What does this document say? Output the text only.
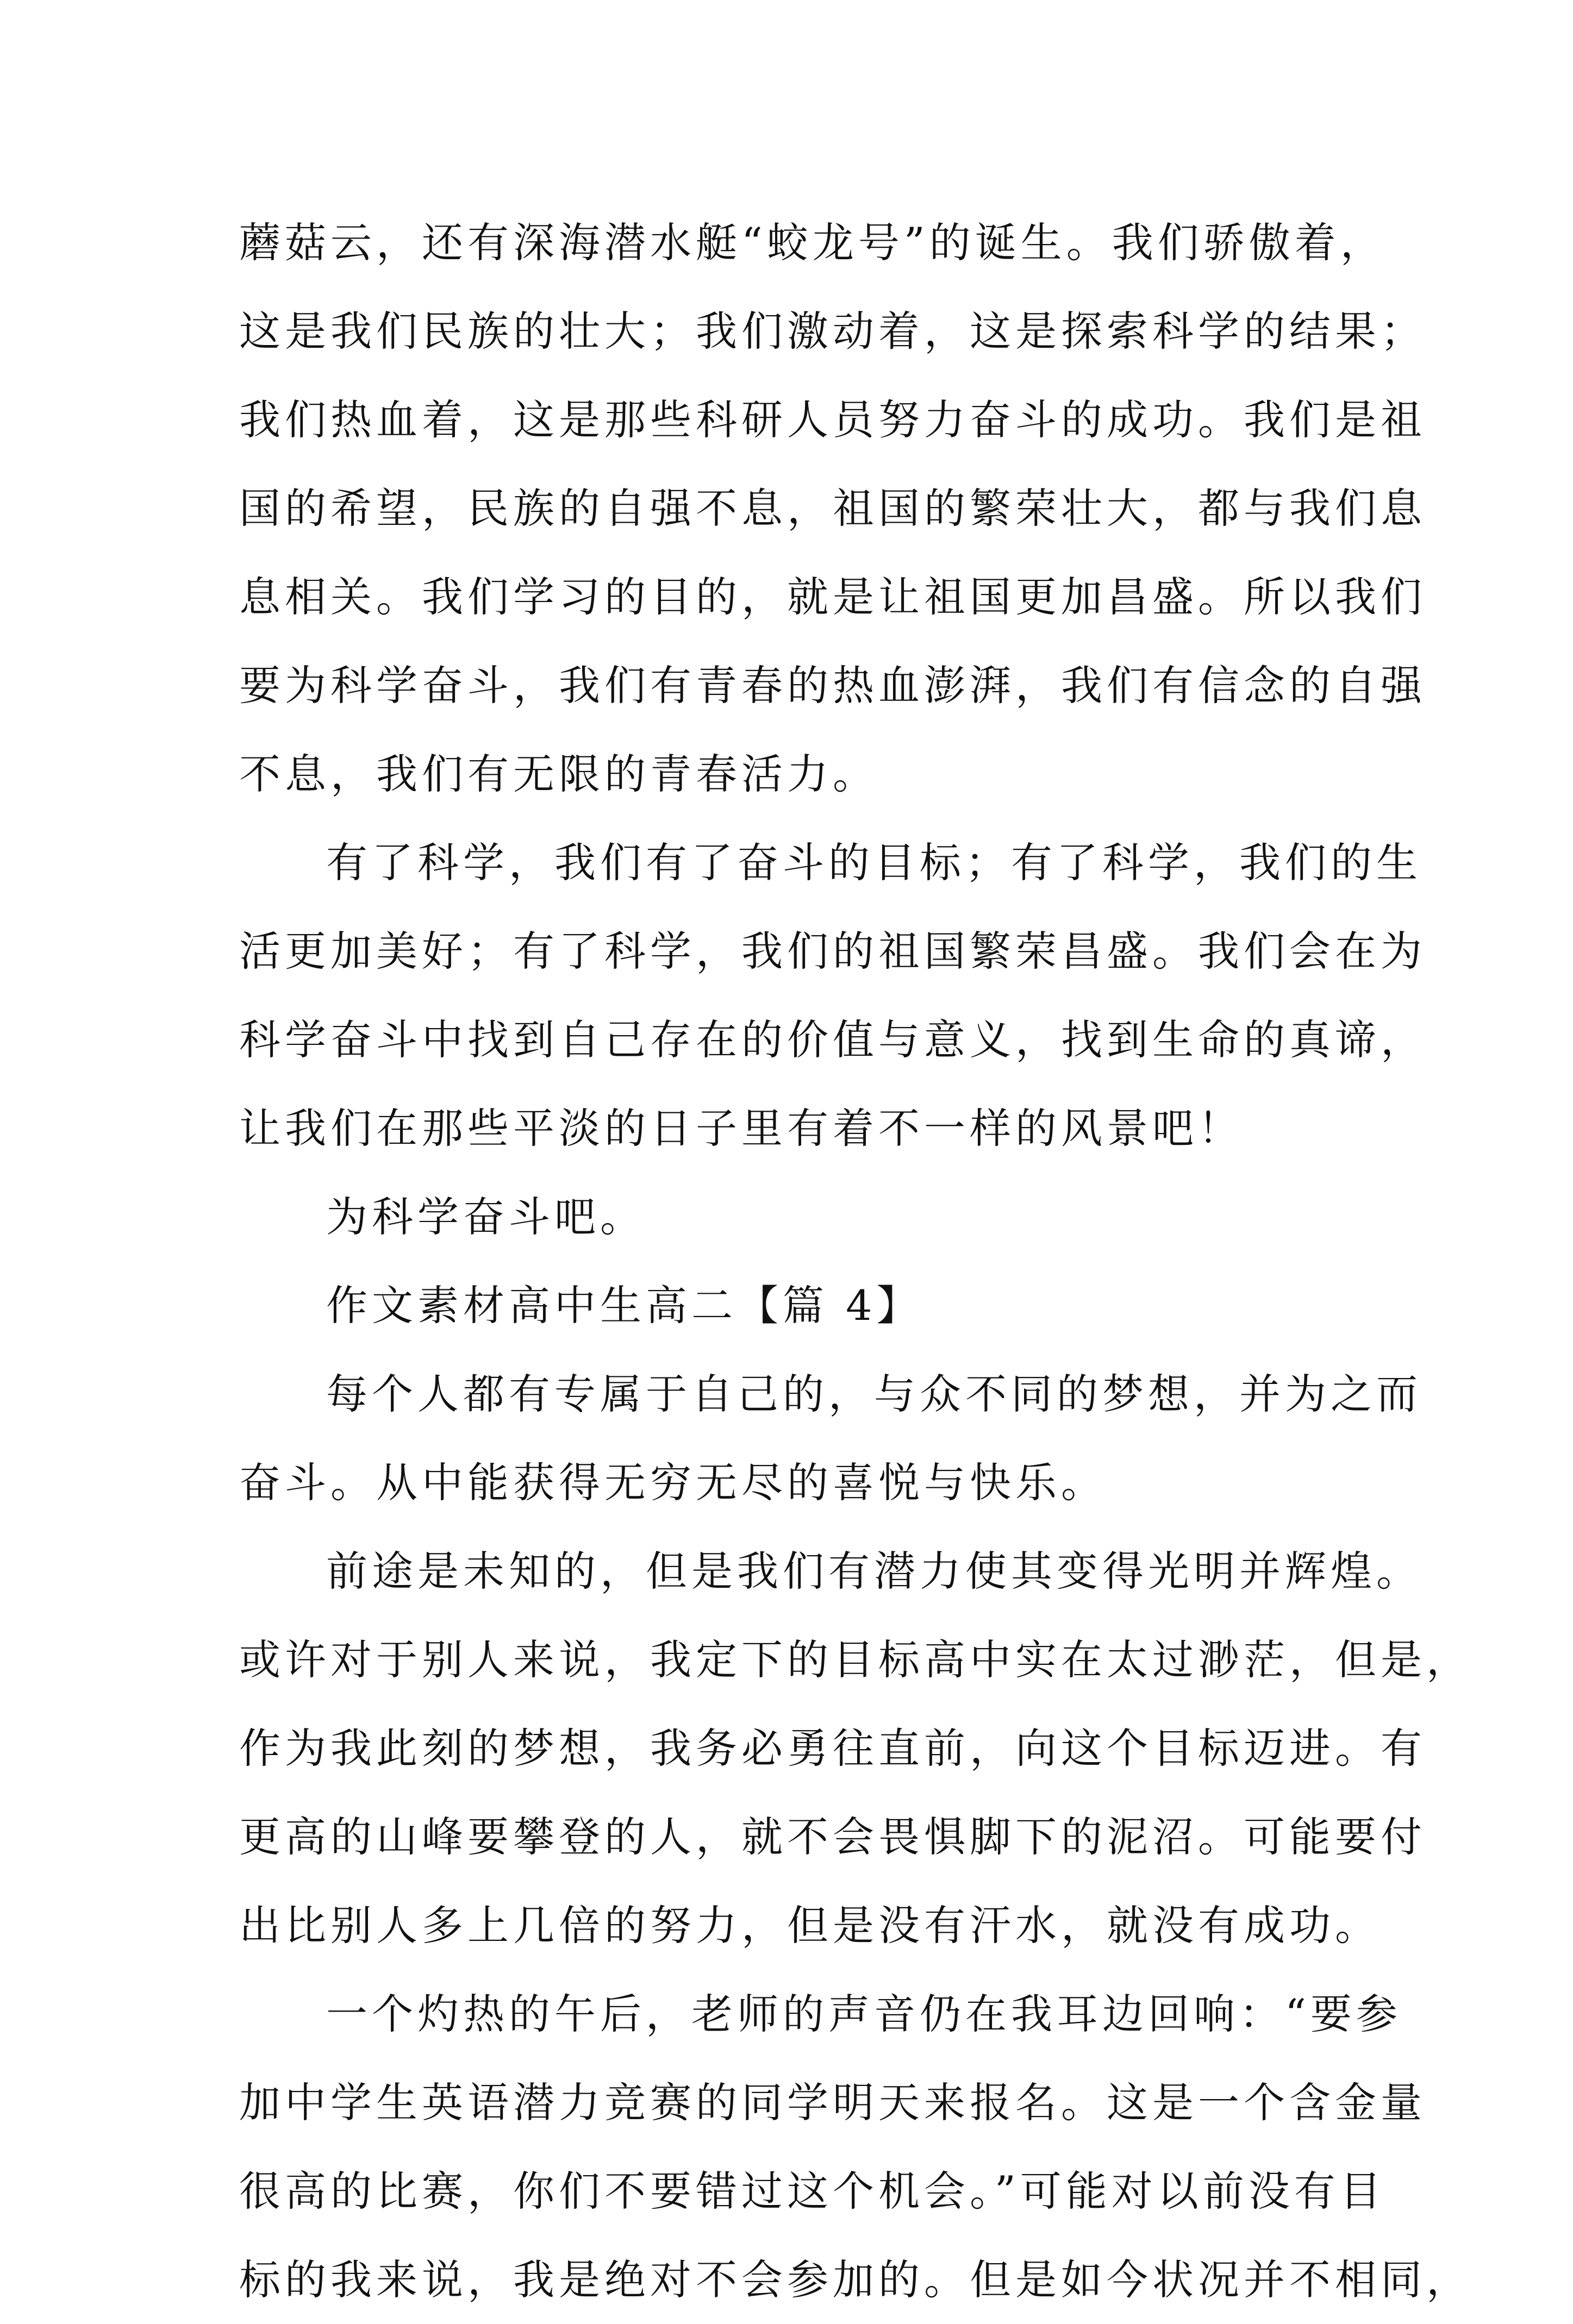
蘑菇云，还有深海潜水艇“蛟龙号”的诞生。我们骄傲着，
这是我们民族的壮大；我们激动着，这是探索科学的结果；
我们热血着，这是那些科研人员努力奋斗的成功。我们是祖
国的希望，民族的自强不息，祖国的繁荣壮大，都与我们息
息相关。我们学习的目的，就是让祖国更加昌盛。所以我们
要为科学奋斗，我们有青春的热血澎湃，我们有信念的自强
不息，我们有无限的青春活力。
有了科学，我们有了奋斗的目标；有了科学，我们的生
活更加美好；有了科学，我们的祖国繁荣昌盛。我们会在为
科学奋斗中找到自己存在的价值与意义，找到生命的真谛，
让我们在那些平淡的日子里有着不一样的风景吧！
为科学奋斗吧。
作文素材高中生高二【篇 4】
每个人都有专属于自己的，与众不同的梦想，并为之而
奋斗。从中能获得无穷无尽的喜悦与快乐。
前途是未知的，但是我们有潜力使其变得光明并辉煌。
或许对于别人来说，我定下的目标高中实在太过渺茫，但是，
作为我此刻的梦想，我务必勇往直前，向这个目标迈进。有
更高的山峰要攀登的人，就不会畏惧脚下的泥沼。可能要付
出比别人多上几倍的努力，但是没有汗水，就没有成功。
一个灼热的午后，老师的声音仍在我耳边回响：“要参
加中学生英语潜力竞赛的同学明天来报名。这是一个含金量
很高的比赛，你们不要错过这个机会。”可能对以前没有目
标的我来说，我是绝对不会参加的。但是如今状况并不相同，
